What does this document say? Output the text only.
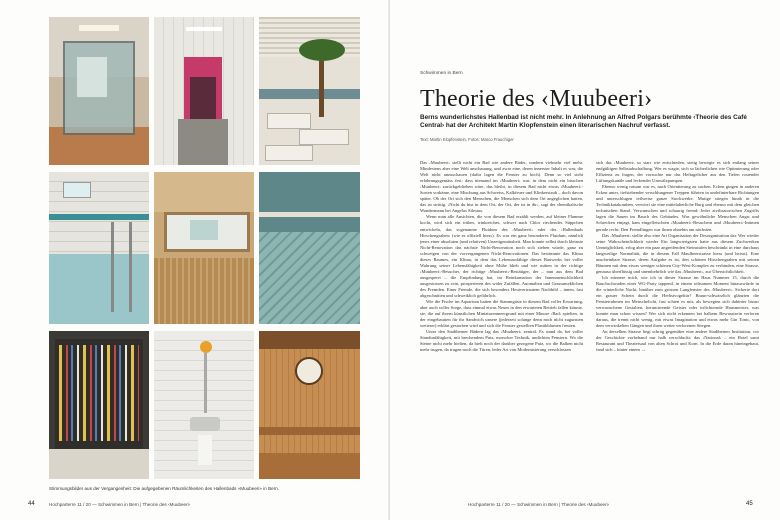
Stimmungsbilder aus der Vergangenheit: Die aufgegebenen Räumlichkeiten des Hallenbads «Muubeeri» in Bern.
44	Hochparterre 11 / 20 — Schwimmen in Bern | Theorie des ‹Muubeeri›
Schwimmen in Bern
Theorie des ‹Muubeeri›
Berns wunderlichstes Hallenbad ist nicht mehr. In Anlehnung an Alfred Polgars berühmte ‹Theorie des Café Central› hat der Architekt Martin Klopfenstein einen literarischen Nachruf verfasst.
Text: Martin Klopfenstein, Fotos: Marco Frauchiger

Das ‹Muubeeri› stellt nicht ein Bad wie andere Bäder, sondern vielmehr viel mehr. Mindestens aber eine Welt anschauung, und zwar eine, deren innerster Inhalt es war, die Welt nicht anzuschauen (dafür lagen die Fenster zu hoch). Denn so viel steht erfahrungsgemäss fest: dass niemand im ‹Muubeeri› war, in dem nicht ein bisschen ‹Muubeeri› zurückgeblieben wäre, das bleibt, in diesem Bad nicht etwas ‹Muubeeri›-Sorten vorkäme, eine Mischung aus Schweiss, Kalkfeuer und Klinkerstaub – doch davon später. Ob der Ort sich den Menschen, die Menschen sich dem Ort angeglichen hatten, das ist strittig. ‹Nicht du bist in dem Ort, der Ort, der ist in dir›, sagt der chemikalische Wandermann bei Angelus Silesius.

Wenn man alle Ansichten, die von diesem Bad erzählt werden, auf kleiner Flamme kocht, wird sich ein trübes, trinkreiches, schwer nach Chlor riechendes Süppchen entwickeln, das sogenannte Fluidum des ‹Muubeeri› oder des ‹Hallenbads Hirschengraben› (wie es offiziell hiess). Es war ein ganz besonderes Fluidum, nämlich jenes einer absoluten (und relativen) Unzeitgemässheit. Man konnte selbst durch kleinste Nicht-Renovation das nächste Nicht-Renovation noch sich ziehen würde, ganz zu schweigen von der vorvergangenen Nicht-Renovationen. Das bestimmte das Klima dieses Raumes, ein Klima, in dem das Lebensunfähige dieses Bauwerks bei voller Wahrung seiner Lebensfähigkeit ohne Mühe blieb und wie mitten in der richtige ‹Muubeeri›-Besucher, der richtige ‹Muubeeri›-Bestätiger, der – nun aus dem Bad ausgesperrt – die Empfindung hat, im Reinkarnation der Innenmenschlichkeit ausgestossen zu sein, prosperieren des wider Zufällen, Anomalien und Grassameklichen des Fremden. Einer Fremde, die sich besonders Heutvertrautem Nachbild – innen, fast abgeschnitten und schweiklich gefährlich.

Wie die Fische im Aquarium hatten die Stammgäste in diesem Bad voller Erwartung, aber auch voller Sorge, dass einmal etwas Neues in den erwarteten Betrieb fallen könnte, sie, die auf ihrem künstlichen Miniaturenmeergrund mit einer Minore ‹Bad› spielten, in der eingebautten für ihr Sandwich unsere (jederzeit solange denn noch nicht zugunsten weiterer) erklärt gestorben wird und sich die Fenster gestellten Plastikblumen freuten.

Unter den Stadtberner Bädern lag das ‹Muubeeri› zentral. Es stand da, bei voller Standunfähigkeit, mit brechendem Putz, morscher Technik, undichten Fenstern. Wo die Steine nicht mehr hielten, da hielt noch der darüber gezogene Putz, wo die Balken nicht mehr trugen, da trugen noch die Türen, leder Art von Modernisierung verschlossen

sich das ‹Muubeeri› so starr wie entschieden, stetig bewegte es sich entlang seiner endgültigen Selbstabschaffung. Wer es wagte, sich so lächerlichen wie Optimierung oder Effizienz zu fragen, der vorsuchte nur das Heftagelicher aus den Tiefen rostender Lüftungskanäle und leckender Umwälzpumpen.

Ebenso wenig ratsam war es, nach Orientierung zu suchen. Ecken gingen in anderen Ecken unter, tiefstehender verschlungener Treppen führten in undefinierbare Richtungen und unterschlugen teilweise ganze Stockwerke. Mutige stiegen hinab in die Technikkatakomben, verwirrt sie eine mittelalterliche Burg und ebenso mit dem gleichen technischen Stand. Verwunschen und schaurig fremd: Jeder zivilisatorischen Zugriffs lagen die Sauen im Bauch des Gebäudes. Was gewöhnliche Menschen Angst und Schrecken einjagt, kam eingefleischten ‹Muubeeri›-Besuchern und ‹Muubeeri›-Intimen gerade recht: Den Fremdlingen war ihnen ohnehin am nächsten.

Das ‹Muubeeri› stellte also eine Art Organisation der Desorganisation dar. Wer wieder seine Wahrscheinlichkeit wieder Ein langwierigsten hatte aus diesem Zuchwerken Unmöglichkeit, erlog aber ein paar angreifenden Steinstufen beschränkt in eine durchaus langweilige Normalität, die in diesem Fall Maulbeerstrasse hiess (und heisst). Eine unscheinbare Strasse, deren Aufgabe es ist, den schönen Hirschengraben mit seinen Bäumen mit dem etwas weniger schönen City-West-Komplex zu verbinden, eine Strasse, genauso überflüssig und unentbehrlich wie das ‹Muubeeri›, zur Übersichtlichkeit.

Ich erinnere mich, wie ich in dieser Strasse im Haus Nummer 15, durch die Rauchschwaden einer WG-Party tappend, in einem seltsamen Moment hinauswürde in die winterliche Nacht, hinüber zum grossen Langfenster des ‹Muubeeri›. Sickerte dort ein grauer Schein durch die Herbstvogeltür? Braun-schwärzlich glänzten die Fensterrahmen im Menschelicht, fast schien es mir, als bewegten sich dahinter bizarr verwunschene Gestalten, herumirrende Geister oder irrlichternde Hausmeister, was konnte man schon wissen? Wer sich nicht erkennen bei halbem Bewusstsein verloren daraus, die trennt nicht wenig, mit etwas Imagination und etwas mehr Gin Tonic, von dem verwinkelten Gängen und ihren weiter verlorenen Stiegen.

An derselben Strasse liegt schräg gegenüber eine andere Stadtberner Institution, vor der Geschichte vorbehand nur halb verschluckt: das ‹National› – ein Hotel samt Restaurant und Theatersaal von alten Schrot und Korn. In die Erde daran hineingebaut, fand sich – hinter einem →

Hochparterre 11 / 20 — Schwimmen in Bern | Theorie des ‹Muubeeri›	45
